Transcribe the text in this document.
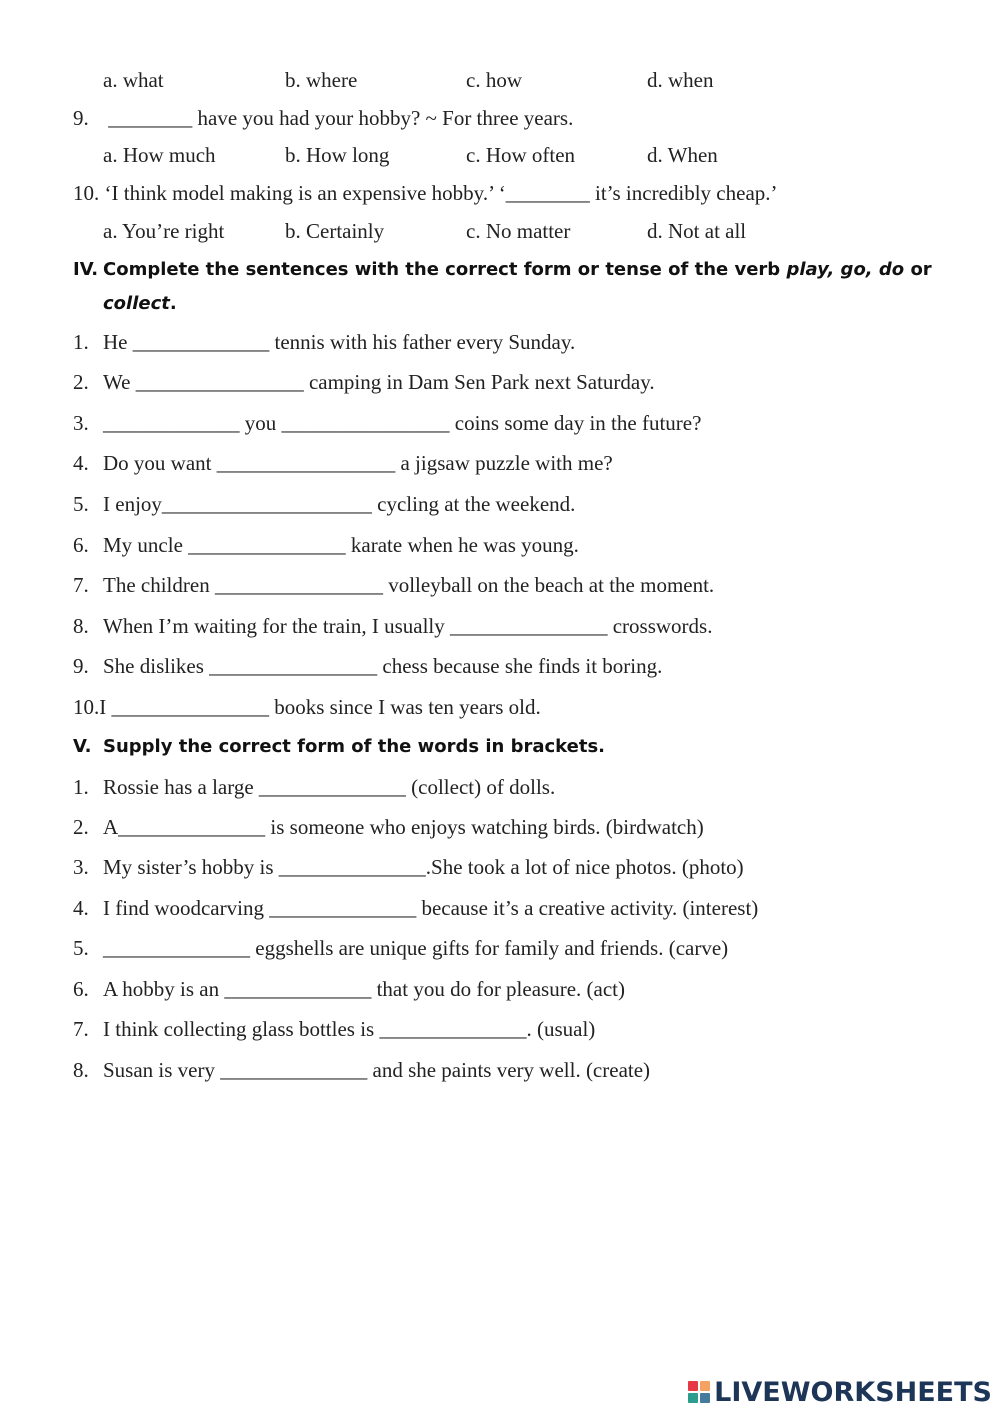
a. what	b. where	c. how	d. when
9. ________ have you had your hobby? ~ For three years.
a. How much	b. How long	c. How often	d. When
10. ‘I think model making is an expensive hobby.’ ‘________ it’s incredibly cheap.’
a. You’re right	b. Certainly	c. No matter	d. Not at all
IV. Complete the sentences with the correct form or tense of the verb play, go, do or
collect.
1. He _____________ tennis with his father every Sunday.
2. We ________________ camping in Dam Sen Park next Saturday.
3. _____________ you ________________ coins some day in the future?
4. Do you want _________________ a jigsaw puzzle with me?
5. I enjoy____________________ cycling at the weekend.
6. My uncle _______________ karate when he was young.
7. The children ________________ volleyball on the beach at the moment.
8. When I’m waiting for the train, I usually _______________ crosswords.
9. She dislikes ________________ chess because she finds it boring.
10.I _______________ books since I was ten years old.
V. Supply the correct form of the words in brackets.
1. Rossie has a large ______________ (collect) of dolls.
2. A______________ is someone who enjoys watching birds. (birdwatch)
3. My sister’s hobby is ______________.She took a lot of nice photos. (photo)
4. I find woodcarving ______________ because it’s a creative activity. (interest)
5. ______________ eggshells are unique gifts for family and friends. (carve)
6. A hobby is an ______________ that you do for pleasure. (act)
7. I think collecting glass bottles is ______________. (usual)
8. Susan is very ______________ and she paints very well. (create)
LIVEWORKSHEETS
